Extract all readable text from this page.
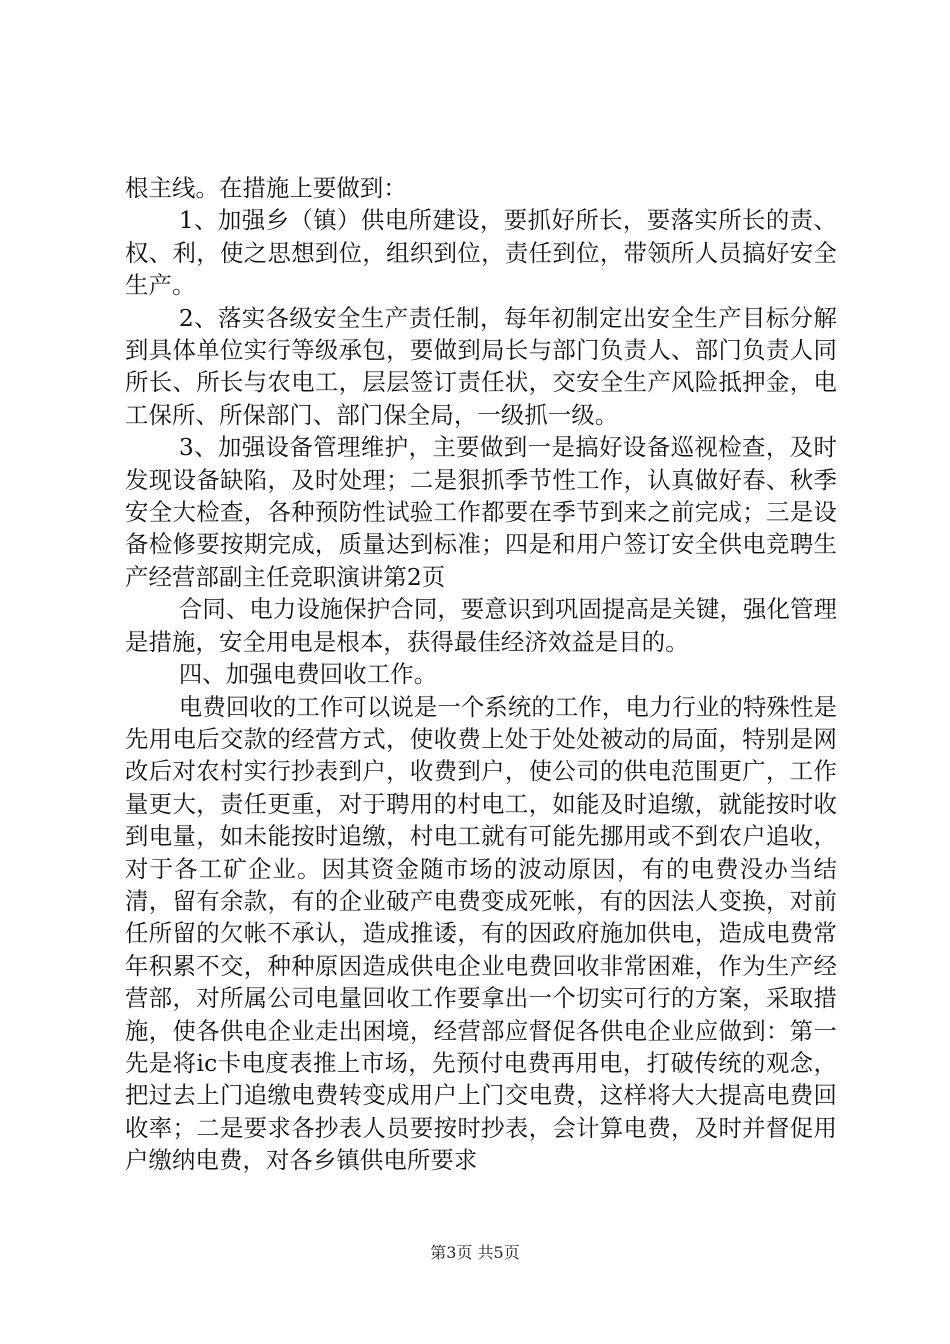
根主线。在措施上要做到：

1、加强乡（镇）供电所建设，要抓好所长，要落实所长的责、权、利，使之思想到位，组织到位，责任到位，带领所人员搞好安全生产。

2、落实各级安全生产责任制，每年初制定出安全生产目标分解到具体单位实行等级承包，要做到局长与部门负责人、部门负责人同所长、所长与农电工，层层签订责任状，交安全生产风险抵押金，电工保所、所保部门、部门保全局，一级抓一级。

3、加强设备管理维护，主要做到一是搞好设备巡视检查，及时发现设备缺陷，及时处理；二是狠抓季节性工作，认真做好春、秋季安全大检查，各种预防性试验工作都要在季节到来之前完成；三是设备检修要按期完成，质量达到标准；四是和用户签订安全供电竞聘生产经营部副主任竞职演讲第2页

合同、电力设施保护合同，要意识到巩固提高是关键，强化管理是措施，安全用电是根本，获得最佳经济效益是目的。

四、加强电费回收工作。

电费回收的工作可以说是一个系统的工作，电力行业的特殊性是先用电后交款的经营方式，使收费上处于处处被动的局面，特别是网改后对农村实行抄表到户，收费到户，使公司的供电范围更广，工作量更大，责任更重，对于聘用的村电工，如能及时追缴，就能按时收到电量，如未能按时追缴，村电工就有可能先挪用或不到农户追收，对于各工矿企业。因其资金随市场的波动原因，有的电费没办当结清，留有余款，有的企业破产电费变成死帐，有的因法人变换，对前任所留的欠帐不承认，造成推诿，有的因政府施加供电，造成电费常年积累不交，种种原因造成供电企业电费回收非常困难，作为生产经营部，对所属公司电量回收工作要拿出一个切实可行的方案，采取措施，使各供电企业走出困境，经营部应督促各供电企业应做到：第一先是将ic卡电度表推上市场，先预付电费再用电，打破传统的观念，把过去上门追缴电费转变成用户上门交电费，这样将大大提高电费回收率；二是要求各抄表人员要按时抄表，会计算电费，及时并督促用户缴纳电费，对各乡镇供电所要求

第3页 共5页
